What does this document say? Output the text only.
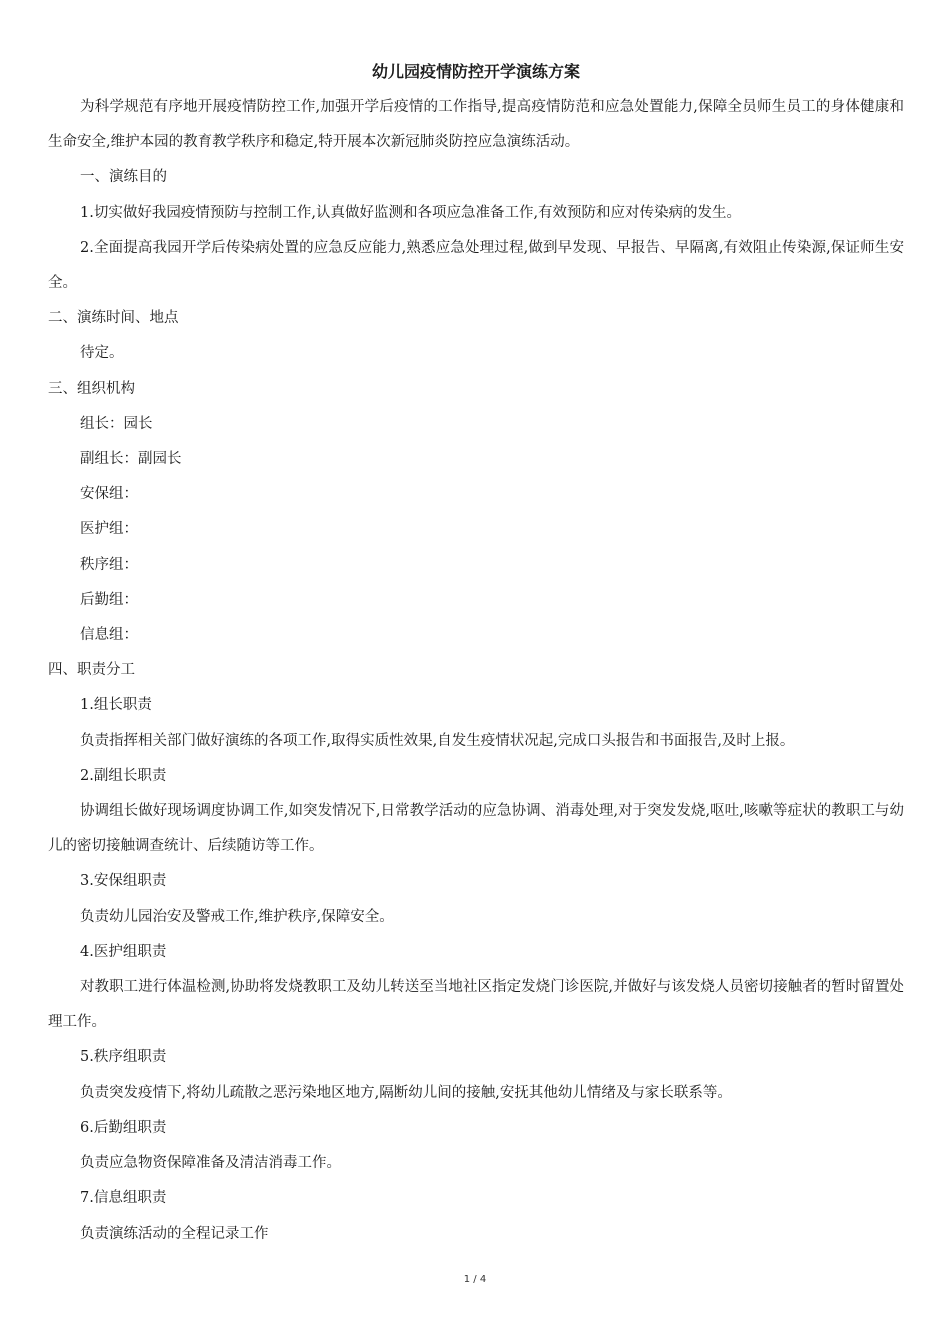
幼儿园疫情防控开学演练方案

为科学规范有序地开展疫情防控工作,加强开学后疫情的工作指导,提高疫情防范和应急处置能力,保障全员师生员工的身体健康和生命安全,维护本园的教育教学秩序和稳定,特开展本次新冠肺炎防控应急演练活动。

一、演练目的

1.切实做好我园疫情预防与控制工作,认真做好监测和各项应急准备工作,有效预防和应对传染病的发生。

2.全面提高我园开学后传染病处置的应急反应能力,熟悉应急处理过程,做到早发现、早报告、早隔离,有效阻止传染源,保证师生安全。

二、演练时间、地点

待定。

三、组织机构

组长：园长

副组长：副园长

安保组：

医护组：

秩序组：

后勤组：

信息组：

四、职责分工

1.组长职责

负责指挥相关部门做好演练的各项工作,取得实质性效果,自发生疫情状况起,完成口头报告和书面报告,及时上报。

2.副组长职责

协调组长做好现场调度协调工作,如突发情况下,日常教学活动的应急协调、消毒处理,对于突发发烧,呕吐,咳嗽等症状的教职工与幼儿的密切接触调查统计、后续随访等工作。

3.安保组职责

负责幼儿园治安及警戒工作,维护秩序,保障安全。

4.医护组职责

对教职工进行体温检测,协助将发烧教职工及幼儿转送至当地社区指定发烧门诊医院,并做好与该发烧人员密切接触者的暂时留置处理工作。

5.秩序组职责

负责突发疫情下,将幼儿疏散之恶污染地区地方,隔断幼儿间的接触,安抚其他幼儿情绪及与家长联系等。

6.后勤组职责

负责应急物资保障准备及清洁消毒工作。

7.信息组职责

负责演练活动的全程记录工作

1 / 4
